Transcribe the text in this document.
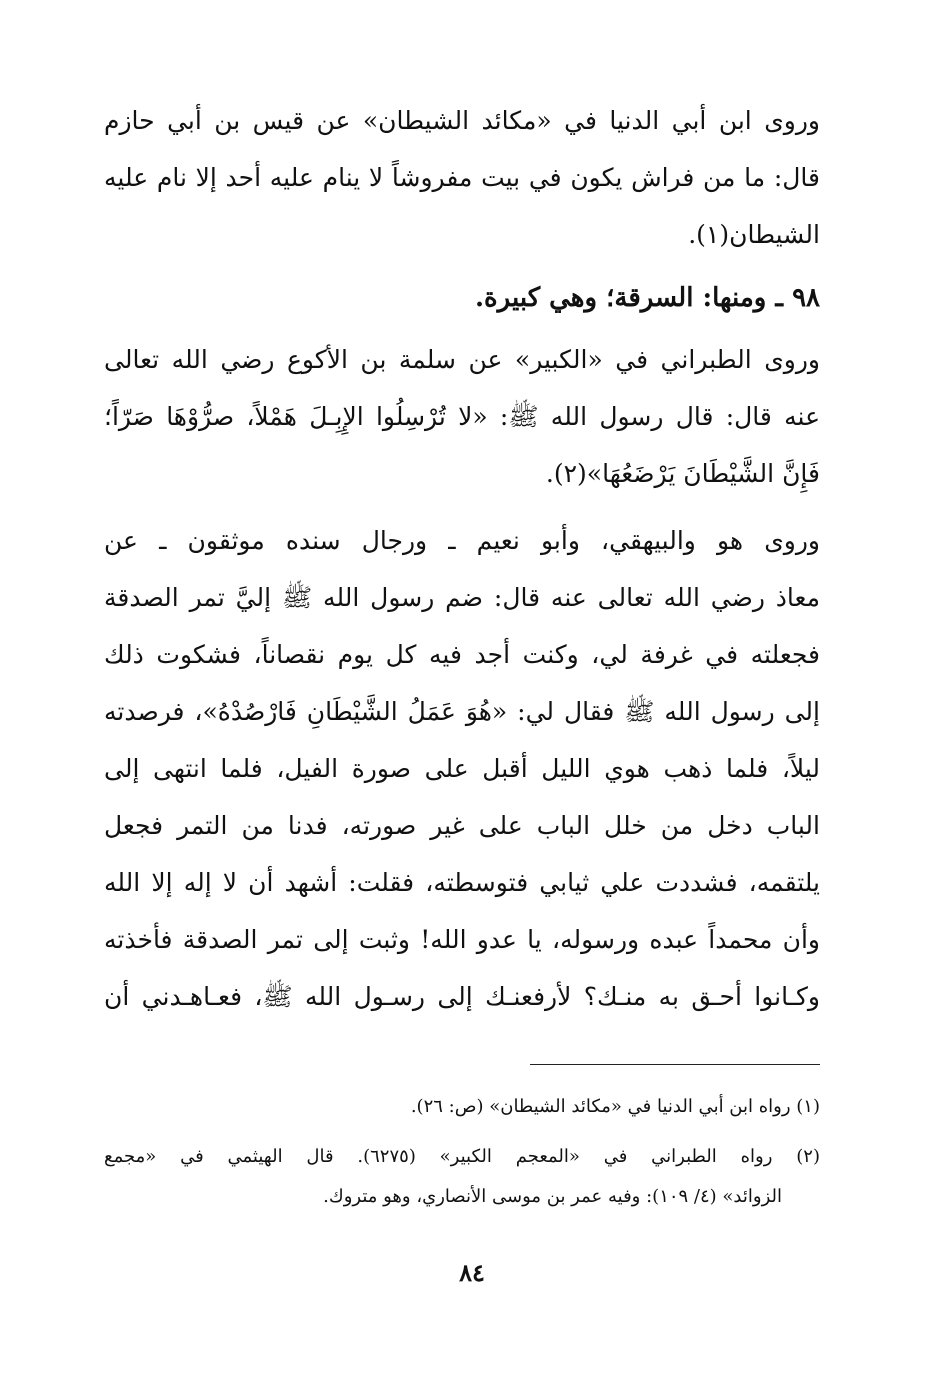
وروى ابن أبي الدنيا في «مكائد الشيطان» عن قيس بن أبي حازم
قال: ما من فراش يكون في بيت مفروشاً لا ينام عليه أحد إلا نام عليه
الشيطان(١).
٩٨ ـ ومنها: السرقة؛ وهي كبيرة.
وروى الطبراني في «الكبير» عن سلمة بن الأكوع رضي الله تعالى
عنه قال: قال رسول الله ﷺ: «لا تُرْسِلُوا الإِبِـلَ هَمْلاً، صرُّوْهَا صَرّاً؛
فَإِنَّ الشَّيْطَانَ يَرْضَعُهَا»(٢).
وروى هو والبيهقي، وأبو نعيم ـ ورجال سنده موثقون ـ عن
معاذ رضي الله تعالى عنه قال: ضم رسول الله ﷺ إليَّ تمر الصدقة
فجعلته في غرفة لي، وكنت أجد فيه كل يوم نقصاناً، فشكوت ذلك
إلى رسول الله ﷺ فقال لي: «هُوَ عَمَلُ الشَّيْطَانِ فَارْصُدْهُ»، فرصدته
ليلاً، فلما ذهب هوي الليل أقبل على صورة الفيل، فلما انتهى إلى
الباب دخل من خلل الباب على غير صورته، فدنا من التمر فجعل
يلتقمه، فشددت علي ثيابي فتوسطته، فقلت: أشهد أن لا إله إلا الله
وأن محمداً عبده ورسوله، يا عدو الله! وثبت إلى تمر الصدقة فأخذته
وكـانوا أحـق به منـك؟ لأرفعنـك إلى رسـول الله ﷺ، فعـاهـدني أن
(١) رواه ابن أبي الدنيا في «مكائد الشيطان» (ص: ٢٦).
(٢) رواه الطبراني في «المعجم الكبير» (٦٢٧٥). قال الهيثمي في «مجمع
الزوائد» (٤/ ١٠٩): وفيه عمر بن موسى الأنصاري، وهو متروك.
٨٤
